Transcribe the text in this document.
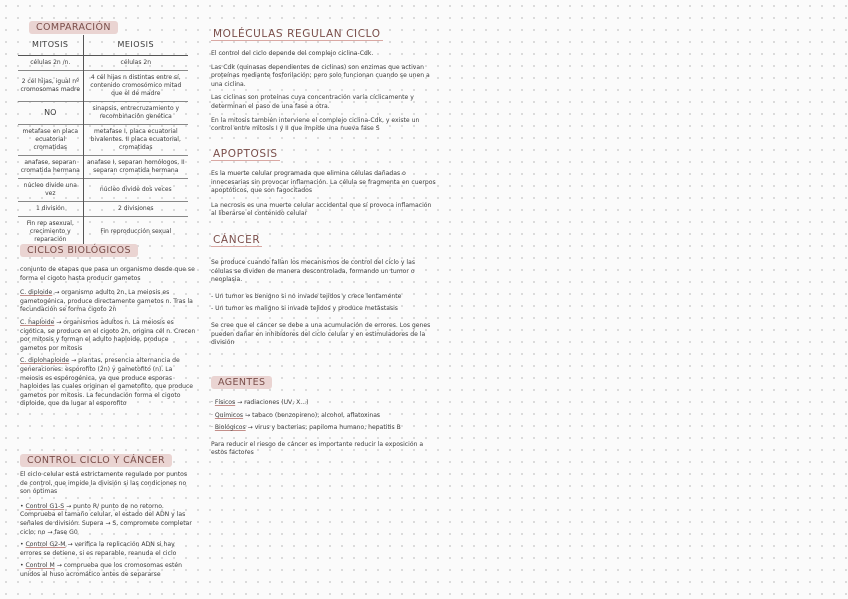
COMPARACIÓN
MITOSIS	MEIOSIS
células 2n /n.	células 2n
2 cél hijas, igual nº cromosomas madre	4 cél hijas n distintas entre sí, contenido cromosómico mitad que el de madre
NO	sinapsis, entrecruzamiento y recombinación genética
metafase en placa ecuatorial cromatidas	metafase I, placa ecuatorial bivalentes. II placa ecuatorial, cromatidas
anafase, separan cromatida hermana	anafase I, separan homólogos, II separan cromatida hermana
núcleo divide una vez	núcleo divide dos veces
1 división	2 divisiones
Fin rep asexual, crecimiento y reparación	Fin reproducción sexual
CICLOS BIOLÓGICOS

conjunto de etapas que pasa un organismo desde que se forma el cigoto hasta producir gametos

C. diploide → organismo adulto 2n. La meiosis es gametogénica, produce directamente gametos n. Tras la fecundación se forma cigoto 2n
C. haploide → organismos adultos n. La meiosis es cigótica, se produce en el cigoto 2n, origina cél n. Crecen por mitosis y forman el adulto haploide, produce gametos por mitosis
C. diplohaploide → plantas, presencia alternancia de generaciones: esporofito (2n) y gametofito (n). La meiosis es espórogénica, ya que produce esporas haploides las cuales originan el gametofito, que produce gametos por mitosis. La fecundación forma el cigoto diploide, que da lugar al esporofito
CONTROL CICLO Y CÁNCER

El ciclo celular está estrictamente regulado por puntos de control, que impide la división si las condiciones no son óptimas

• Control G1-S → punto R/ punto de no retorno. Comprueba el tamaño celular, el estado del ADN y las señales de división. Supera → S, compromete completar ciclo; no → fase G0
• Control G2-M → verifica la replicación ADN si hay errores se detiene, si es reparable, reanuda el ciclo
• Control M → comprueba que los cromosomas estén unidos al huso acromático antes de separarse
MOLÉCULAS REGULAN CICLO

El control del ciclo depende del complejo ciclina-Cdk.

Las Cdk (quinasas dependientes de ciclinas) son enzimas que activan proteínas mediante fosforilación; pero solo funcionan cuando se unen a una ciclina.

Las ciclinas son proteínas cuya concentración varía cíclicamente y determinan el paso de una fase a otra.

En la mitosis también interviene el complejo ciclina-Cdk, y existe un control entre mitosis I y II que impide una nueva fase S

APOPTOSIS

Es la muerte celular programada que elimina células dañadas o innecesarias sin provocar inflamación. La célula se fragmenta en cuerpos apoptóticos, que son fagocitados

La necrosis es una muerte celular accidental que sí provoca inflamación al liberarse el contenido celular

CÁNCER

Se produce cuando fallan los mecanismos de control del ciclo y las células se dividen de manera descontrolada, formando un tumor o neoplasia.

- Un tumor es benigno si no invade tejidos y crece lentamente

- Un tumor es maligno si invade tejidos y produce metástasis

Se cree que el cáncer se debe a una acumulación de errores. Los genes pueden dañar en inhibidores del ciclo celular y en estimuladores de la división

AGENTES
· Físicos → radiaciones (UV, X...)
· Químicos → tabaco (benzopireno), alcohol, aflatoxinas
· Biológicos → virus y bacterias, papiloma humano, hepatitis B

Para reducir el riesgo de cáncer es importante reducir la exposición a estos factores
